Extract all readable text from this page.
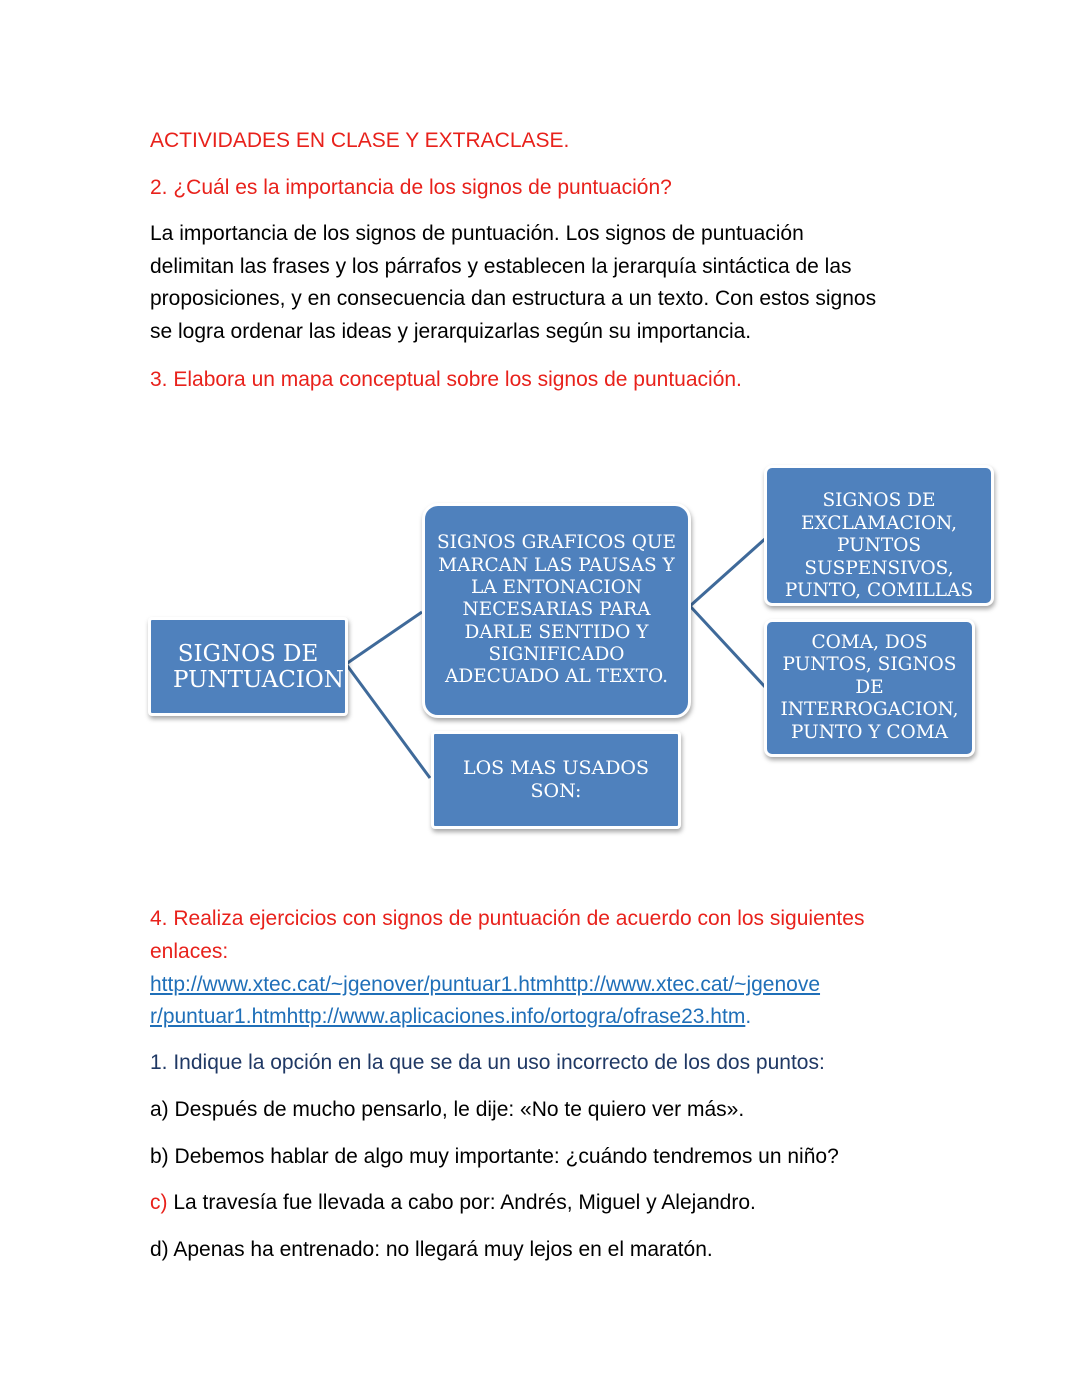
ACTIVIDADES EN CLASE Y EXTRACLASE.
2. ¿Cuál es la importancia de los signos de puntuación?
La importancia de los signos de puntuación. Los signos de puntuación
delimitan las frases y los párrafos y establecen la jerarquía sintáctica de las
proposiciones, y en consecuencia dan estructura a un texto. Con estos signos
se logra ordenar las ideas y jerarquizarlas según su importancia.
3. Elabora un mapa conceptual sobre los signos de puntuación.
SIGNOS DE PUNTUACION
SIGNOS GRAFICOS QUE MARCAN LAS PAUSAS Y LA ENTONACION NECESARIAS PARA DARLE SENTIDO Y SIGNIFICADO ADECUADO AL TEXTO.
LOS MAS USADOS SON:
SIGNOS DE EXCLAMACION, PUNTOS SUSPENSIVOS, PUNTO, COMILLAS
COMA, DOS PUNTOS, SIGNOS DE INTERROGACION, PUNTO Y COMA
4. Realiza ejercicios con signos de puntuación de acuerdo con los siguientes
enlaces:
http://www.xtec.cat/~jgenover/puntuar1.htmhttp://www.xtec.cat/~jgenove
r/puntuar1.htmhttp://www.aplicaciones.info/ortogra/ofrase23.htm.
1. Indique la opción en la que se da un uso incorrecto de los dos puntos:
a) Después de mucho pensarlo, le dije: «No te quiero ver más».
b) Debemos hablar de algo muy importante: ¿cuándo tendremos un niño?
c) La travesía fue llevada a cabo por: Andrés, Miguel y Alejandro.
d) Apenas ha entrenado: no llegará muy lejos en el maratón.
